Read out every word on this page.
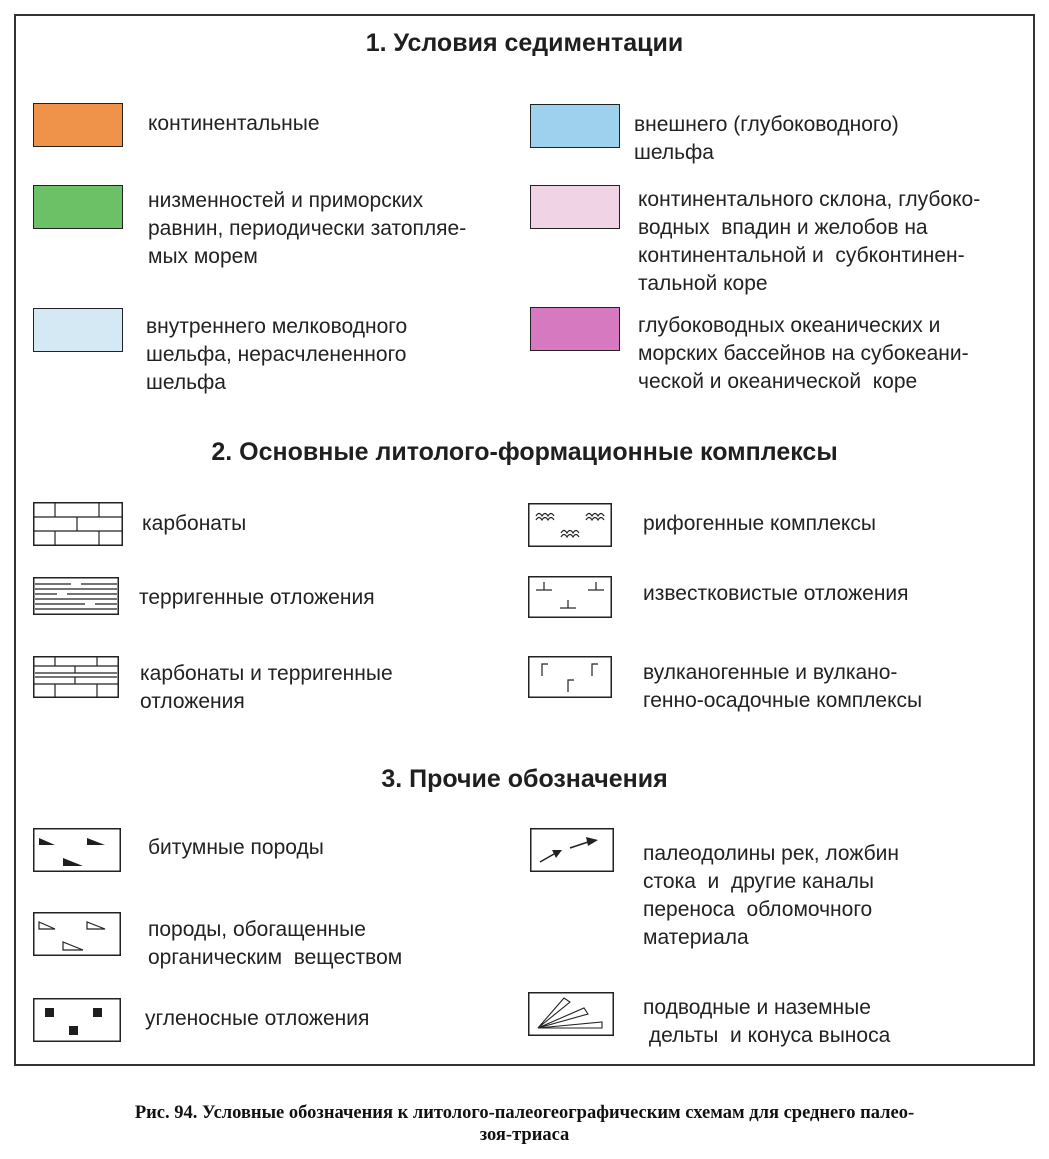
1. Условия седиментации
2. Основные литолого-формационные комплексы
3. Прочие обозначения
континентальные	внешнего (глубоководного)
шельфа
низменностей и приморских
равнин, периодически затопляе-
мых морем
континентального склона, глубоко-
водных  впадин и желобов на
континентальной и  субконтинен-
тальной коре
внутреннего мелководного
шельфа, нерасчлененного
шельфа
глубоководных океанических и
морских бассейнов на субокеани-
ческой и океанической  коре
карбонаты	рифогенные комплексы
терригенные отложения	известковистые отложения
карбонаты и терригенные
отложения
вулканогенные и вулкано-
генно-осадочные комплексы
битумные породы	палеодолины рек, ложбин
стока  и  другие каналы
переноса  обломочного
материала
породы, обогащенные
органическим  веществом
угленосные отложения	подводные и наземные
дельты  и конуса выноса
Рис. 94. Условные обозначения к литолого-палеогеографическим схемам для среднего палео-
зоя-триаса
